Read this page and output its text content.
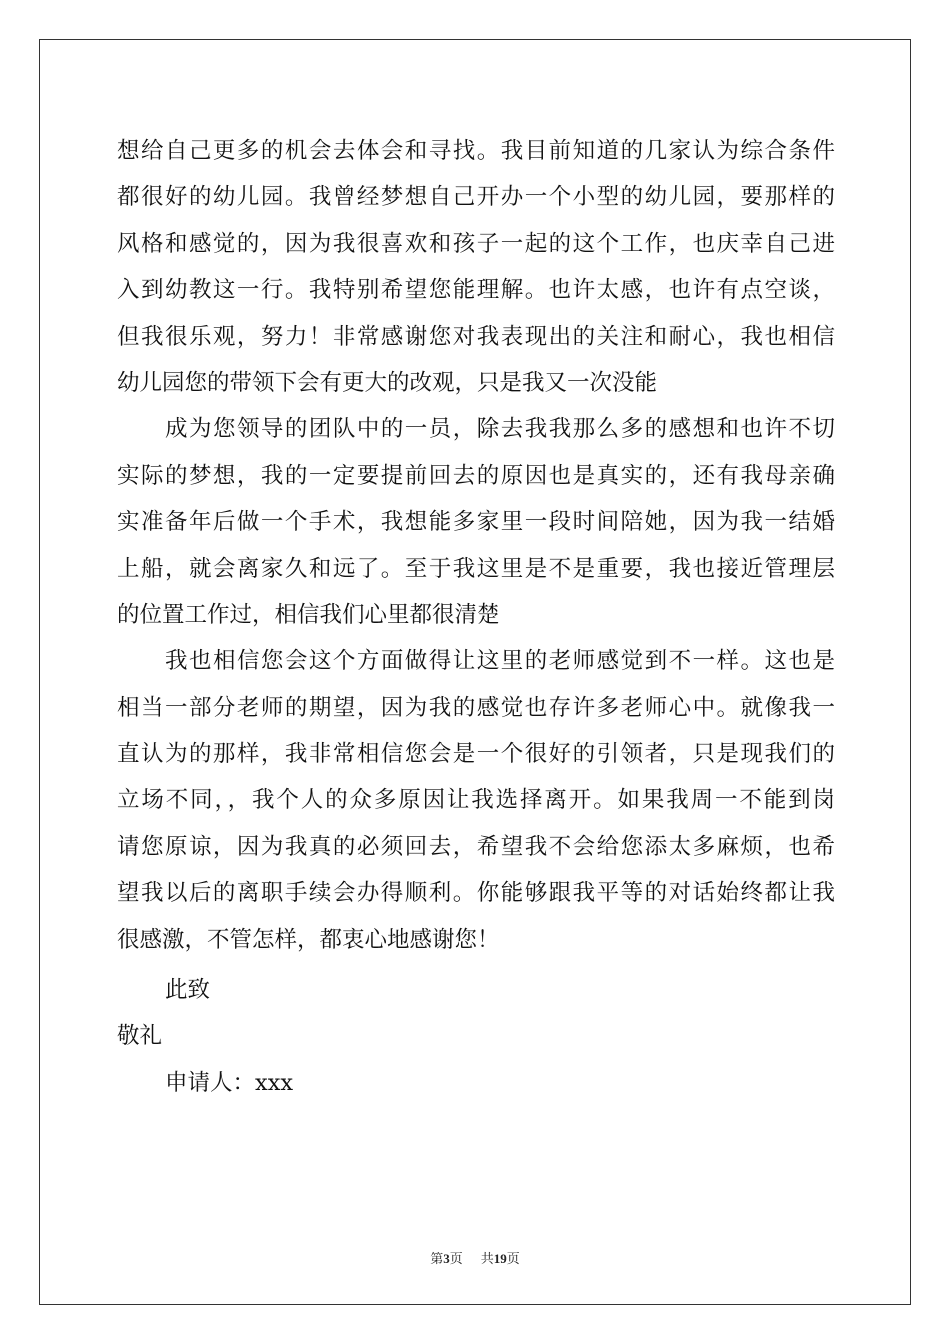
想给自己更多的机会去体会和寻找。我目前知道的几家认为综合条件
都很好的幼儿园。我曾经梦想自己开办一个小型的幼儿园，要那样的
风格和感觉的，因为我很喜欢和孩子一起的这个工作，也庆幸自己进
入到幼教这一行。我特别希望您能理解。也许太感，也许有点空谈，
但我很乐观，努力！非常感谢您对我表现出的关注和耐心，我也相信
幼儿园您的带领下会有更大的改观，只是我又一次没能
成为您领导的团队中的一员，除去我我那么多的感想和也许不切
实际的梦想，我的一定要提前回去的原因也是真实的，还有我母亲确
实准备年后做一个手术，我想能多家里一段时间陪她，因为我一结婚
上船，就会离家久和远了。至于我这里是不是重要，我也接近管理层
的位置工作过，相信我们心里都很清楚
我也相信您会这个方面做得让这里的老师感觉到不一样。这也是
相当一部分老师的期望，因为我的感觉也存许多老师心中。就像我一
直认为的那样，我非常相信您会是一个很好的引领者，只是现我们的
立场不同，，我个人的众多原因让我选择离开。如果我周一不能到岗
请您原谅，因为我真的必须回去，希望我不会给您添太多麻烦，也希
望我以后的离职手续会办得顺利。你能够跟我平等的对话始终都让我
很感激，不管怎样，都衷心地感谢您！
此致
敬礼
申请人：xxx
第3页 共19页
